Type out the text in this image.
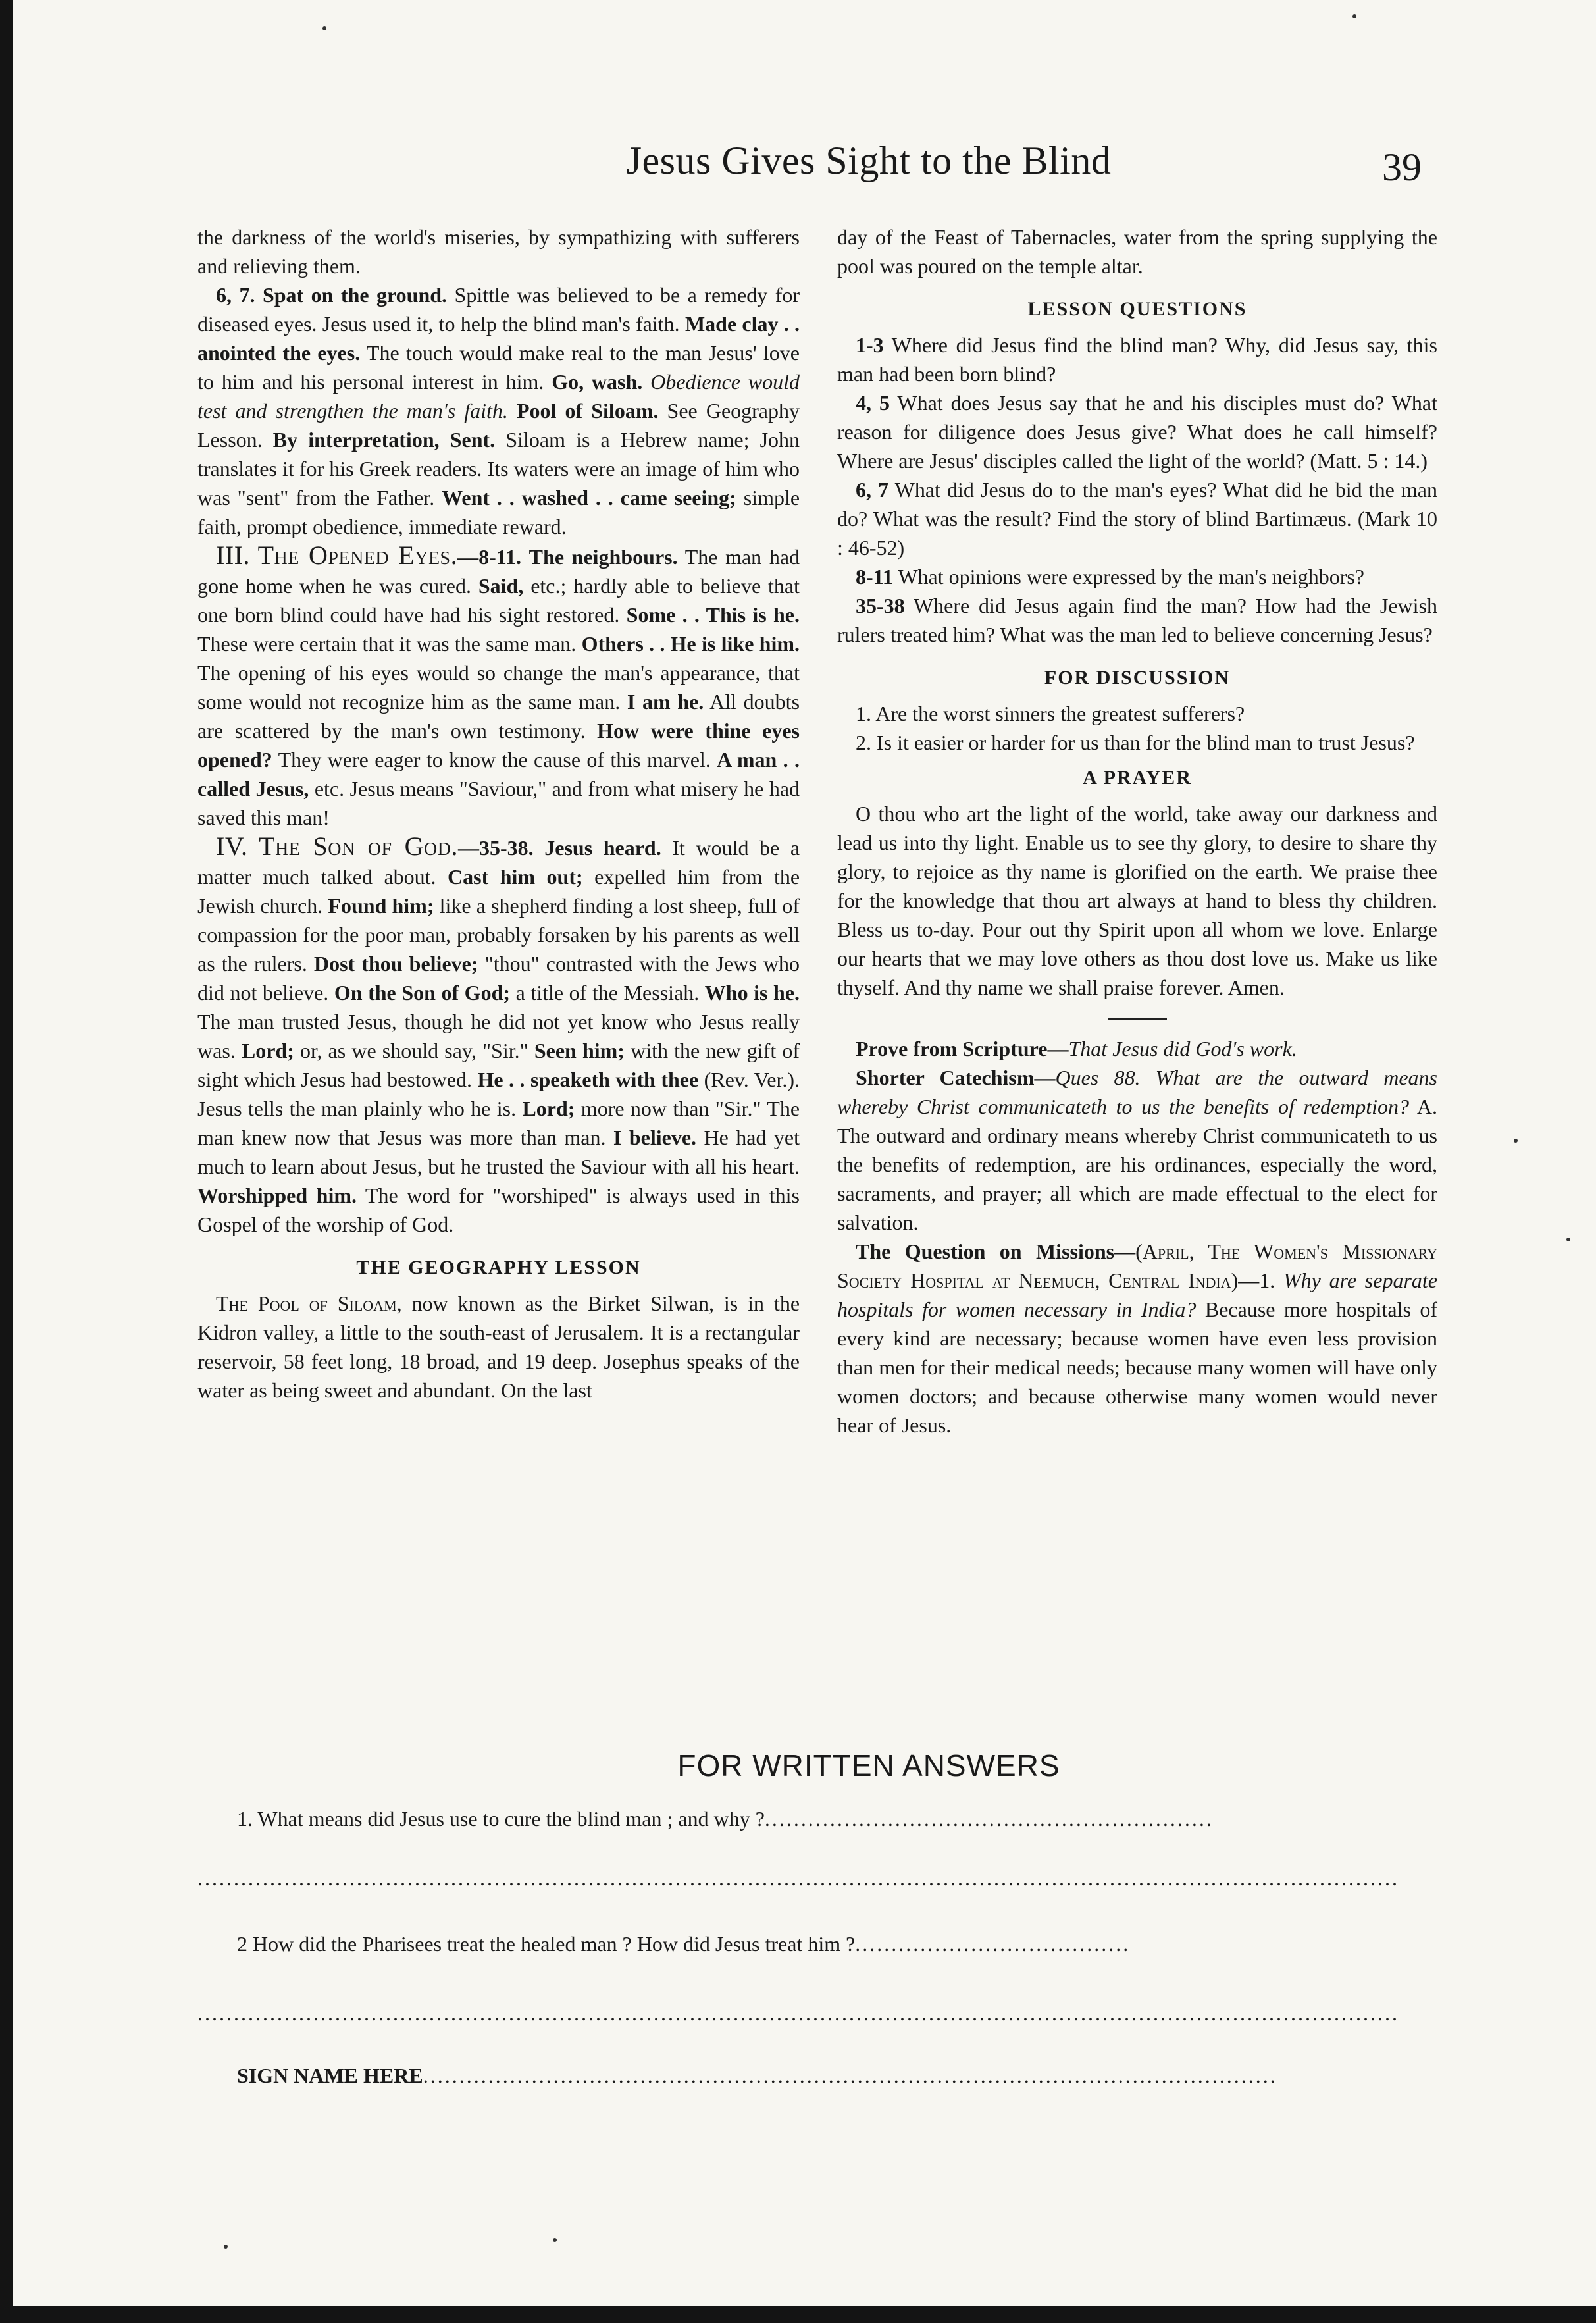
Jesus Gives Sight to the Blind	39

the darkness of the world's miseries, by sympathizing with sufferers and relieving them.

6, 7. Spat on the ground. Spittle was believed to be a remedy for diseased eyes. Jesus used it, to help the blind man's faith. Made clay . . anointed the eyes. The touch would make real to the man Jesus' love to him and his personal interest in him. Go, wash. Obedience would test and strengthen the man's faith. Pool of Siloam. See Geography Lesson. By interpretation, Sent. Siloam is a Hebrew name; John translates it for his Greek readers. Its waters were an image of him who was "sent" from the Father. Went . . washed . . came seeing; simple faith, prompt obedience, immediate reward.

III. The Opened Eyes.—8-11. The neighbours. The man had gone home when he was cured. Said, etc.; hardly able to believe that one born blind could have had his sight restored. Some . . This is he. These were certain that it was the same man. Others . . He is like him. The opening of his eyes would so change the man's appearance, that some would not recognize him as the same man. I am he. All doubts are scattered by the man's own testimony. How were thine eyes opened? They were eager to know the cause of this marvel. A man . . called Jesus, etc. Jesus means "Saviour," and from what misery he had saved this man!

IV. The Son of God.—35-38. Jesus heard. It would be a matter much talked about. Cast him out; expelled him from the Jewish church. Found him; like a shepherd finding a lost sheep, full of compassion for the poor man, probably forsaken by his parents as well as the rulers. Dost thou believe; "thou" contrasted with the Jews who did not believe. On the Son of God; a title of the Messiah. Who is he. The man trusted Jesus, though he did not yet know who Jesus really was. Lord; or, as we should say, "Sir." Seen him; with the new gift of sight which Jesus had bestowed. He . . speaketh with thee (Rev. Ver.). Jesus tells the man plainly who he is. Lord; more now than "Sir." The man knew now that Jesus was more than man. I believe. He had yet much to learn about Jesus, but he trusted the Saviour with all his heart. Worshipped him. The word for "worshiped" is always used in this Gospel of the worship of God.

THE GEOGRAPHY LESSON

The Pool of Siloam, now known as the Birket Silwan, is in the Kidron valley, a little to the south-east of Jerusalem. It is a rectangular reservoir, 58 feet long, 18 broad, and 19 deep. Josephus speaks of the water as being sweet and abundant. On the last

day of the Feast of Tabernacles, water from the spring supplying the pool was poured on the temple altar.

LESSON QUESTIONS

1-3 Where did Jesus find the blind man? Why, did Jesus say, this man had been born blind?

4, 5 What does Jesus say that he and his disciples must do? What reason for diligence does Jesus give? What does he call himself? Where are Jesus' disciples called the light of the world? (Matt. 5 : 14.)

6, 7 What did Jesus do to the man's eyes? What did he bid the man do? What was the result? Find the story of blind Bartimæus. (Mark 10 : 46-52)

8-11 What opinions were expressed by the man's neighbors?

35-38 Where did Jesus again find the man? How had the Jewish rulers treated him? What was the man led to believe concerning Jesus?

FOR DISCUSSION

1. Are the worst sinners the greatest sufferers?

2. Is it easier or harder for us than for the blind man to trust Jesus?

A PRAYER

O thou who art the light of the world, take away our darkness and lead us into thy light. Enable us to see thy glory, to desire to share thy glory, to rejoice as thy name is glorified on the earth. We praise thee for the knowledge that thou art always at hand to bless thy children. Bless us to-day. Pour out thy Spirit upon all whom we love. Enlarge our hearts that we may love others as thou dost love us. Make us like thyself. And thy name we shall praise forever. Amen.

Prove from Scripture—That Jesus did God's work.

Shorter Catechism—Ques 88. What are the outward means whereby Christ communicateth to us the benefits of redemption? A. The outward and ordinary means whereby Christ communicateth to us the benefits of redemption, are his ordinances, especially the word, sacraments, and prayer; all which are made effectual to the elect for salvation.

The Question on Missions—(April, The Women's Missionary Society Hospital at Neemuch, Central India)—1. Why are separate hospitals for women necessary in India? Because more hospitals of every kind are necessary; because women have even less provision than men for their medical needs; because many women will have only women doctors; and because otherwise many women would never hear of Jesus.

FOR WRITTEN ANSWERS
1. What means did Jesus use to cure the blind man ; and why ?..............................................................
......................................................................................................................................................................
2 How did the Pharisees treat the healed man ? How did Jesus treat him ?......................................
......................................................................................................................................................................
SIGN NAME HERE......................................................................................................................
